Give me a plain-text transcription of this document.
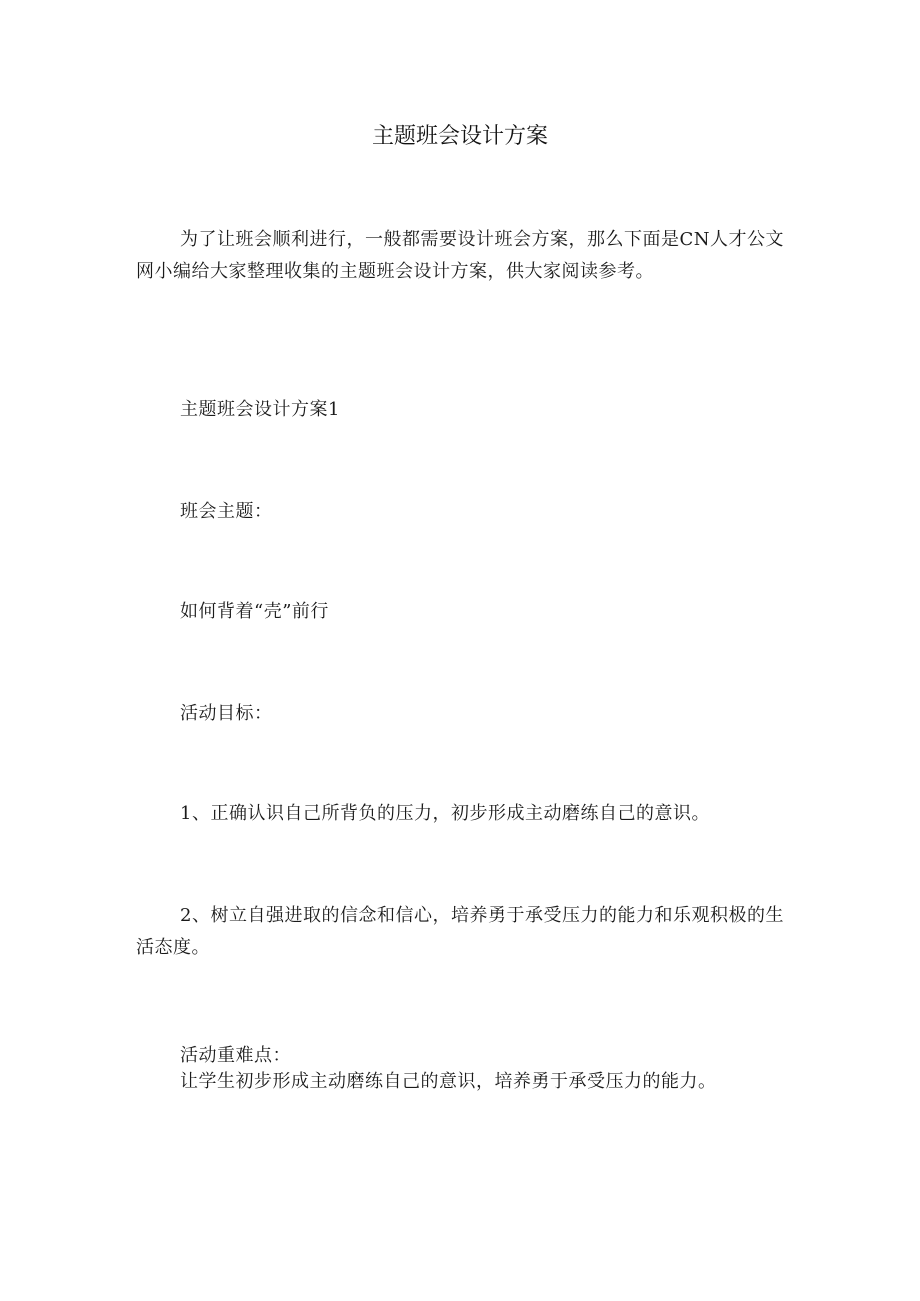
主题班会设计方案

为了让班会顺利进行，一般都需要设计班会方案，那么下面是CN人才公文网小编给大家整理收集的主题班会设计方案，供大家阅读参考。

主题班会设计方案1

班会主题：

如何背着“壳”前行

活动目标：

1、正确认识自己所背负的压力，初步形成主动磨练自己的意识。

2、树立自强进取的信念和信心，培养勇于承受压力的能力和乐观积极的生活态度。

活动重难点：

让学生初步形成主动磨练自己的意识，培养勇于承受压力的能力。
